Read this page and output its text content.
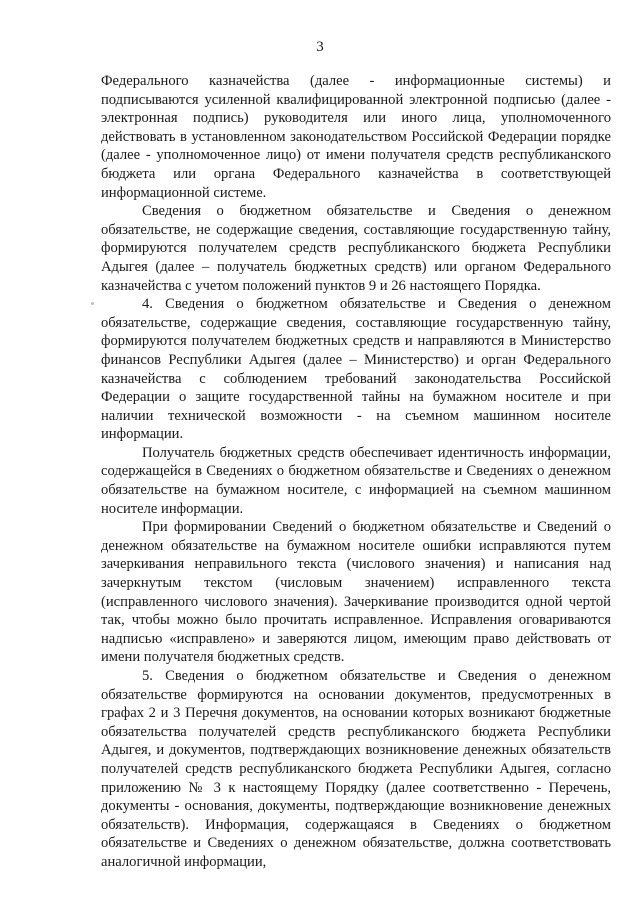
3

Федерального казначейства (далее - информационные системы) и подписываются усиленной квалифицированной электронной подписью (далее - электронная подпись) руководителя или иного лица, уполномоченного действовать в установленном законодательством Российской Федерации порядке (далее - уполномоченное лицо) от имени получателя средств республиканского бюджета или органа Федерального казначейства в соответствующей информационной системе.

Сведения о бюджетном обязательстве и Сведения о денежном обязательстве, не содержащие сведения, составляющие государственную тайну, формируются получателем средств республиканского бюджета Республики Адыгея (далее – получатель бюджетных средств) или органом Федерального казначейства с учетом положений пунктов 9 и 26 настоящего Порядка.

4. Сведения о бюджетном обязательстве и Сведения о денежном обязательстве, содержащие сведения, составляющие государственную тайну, формируются получателем бюджетных средств и направляются в Министерство финансов Республики Адыгея (далее – Министерство) и орган Федерального казначейства с соблюдением требований законодательства Российской Федерации о защите государственной тайны на бумажном носителе и при наличии технической возможности - на съемном машинном носителе информации.

Получатель бюджетных средств обеспечивает идентичность информации, содержащейся в Сведениях о бюджетном обязательстве и Сведениях о денежном обязательстве на бумажном носителе, с информацией на съемном машинном носителе информации.

При формировании Сведений о бюджетном обязательстве и Сведений о денежном обязательстве на бумажном носителе ошибки исправляются путем зачеркивания неправильного текста (числового значения) и написания над зачеркнутым текстом (числовым значением) исправленного текста (исправленного числового значения). Зачеркивание производится одной чертой так, чтобы можно было прочитать исправленное. Исправления оговариваются надписью «исправлено» и заверяются лицом, имеющим право действовать от имени получателя бюджетных средств.

5. Сведения о бюджетном обязательстве и Сведения о денежном обязательстве формируются на основании документов, предусмотренных в графах 2 и 3 Перечня документов, на основании которых возникают бюджетные обязательства получателей средств республиканского бюджета Республики Адыгея, и документов, подтверждающих возникновение денежных обязательств получателей средств республиканского бюджета Республики Адыгея, согласно приложению № 3 к настоящему Порядку (далее соответственно - Перечень, документы - основания, документы, подтверждающие возникновение денежных обязательств). Информация, содержащаяся в Сведениях о бюджетном обязательстве и Сведениях о денежном обязательстве, должна соответствовать аналогичной информации,
